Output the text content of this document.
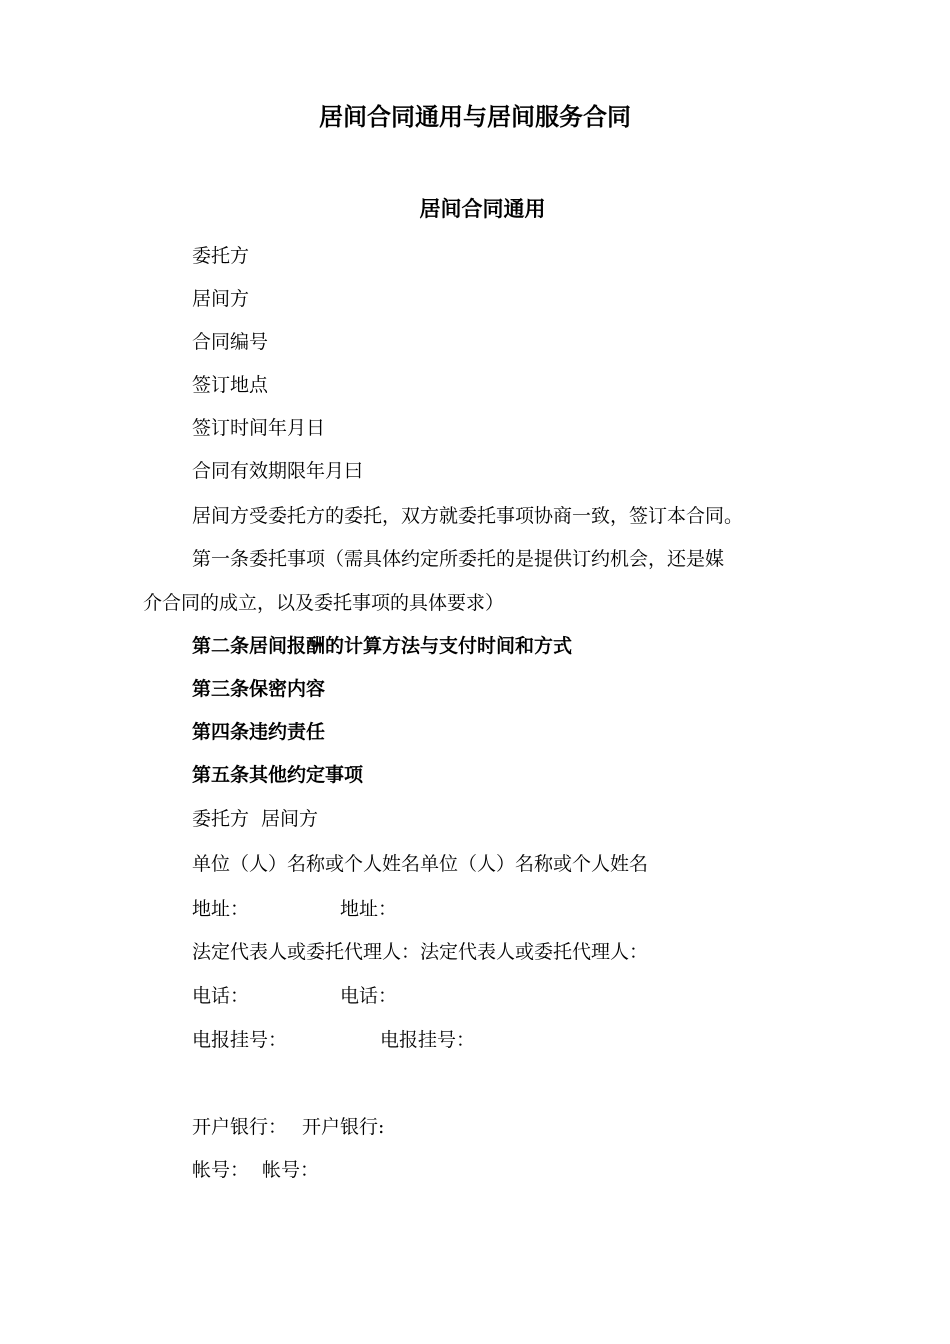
居间合同通用与居间服务合同
居间合同通用
委托方
居间方
合同编号
签订地点
签订时间年月日
合同有效期限年月曰
居间方受委托方的委托，双方就委托事项协商一致，签订本合同。
第一条委托事项（需具体约定所委托的是提供订约机会，还是媒
介合同的成立，以及委托事项的具体要求）
第二条居间报酬的计算方法与支付时间和方式
第三条保密内容
第四条违约责任
第五条其他约定事项
委托方 居间方
单位（人）名称或个人姓名单位（人）名称或个人姓名
地址：	地址：
法定代表人或委托代理人：法定代表人或委托代理人：
电话：	电话：
电报挂号：	电报挂号：
开户银行： 开户银行:
帐号： 帐号：
